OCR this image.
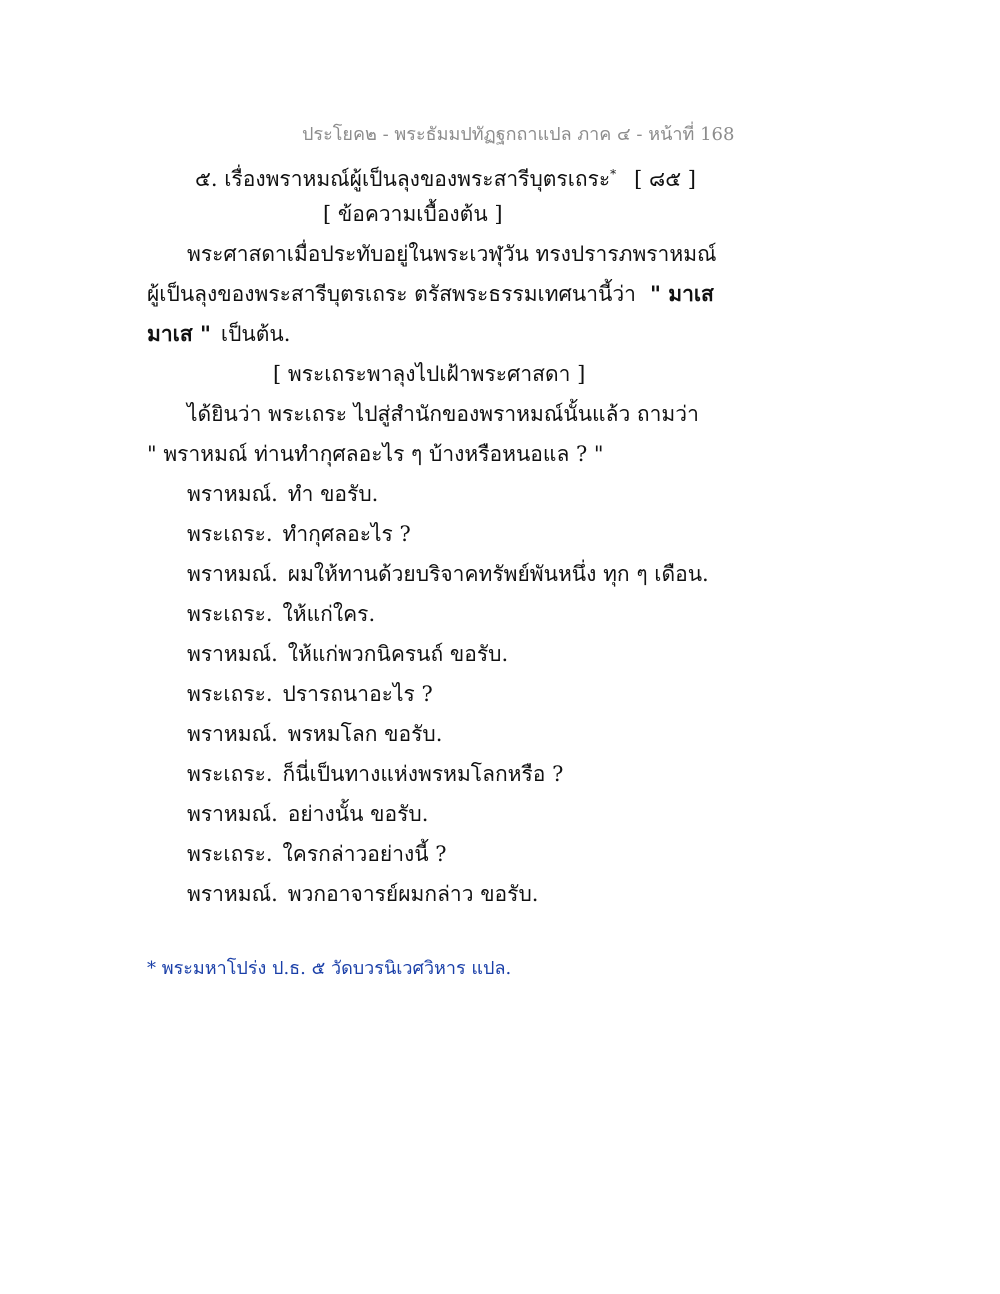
ประโยค๒ - พระธัมมปทัฏฐกถาแปล ภาค ๔ - หน้าที่ 168
๕. เรื่องพราหมณ์ผู้เป็นลุงของพระสารีบุตรเถระ* [ ๘๕ ]
[ ข้อความเบื้องต้น ]
พระศาสดาเมื่อประทับอยู่ในพระเวฬุวัน ทรงปรารภพราหมณ์
ผู้เป็นลุงของพระสารีบุตรเถระ ตรัสพระธรรมเทศนานี้ว่า " มาเส
มาเส " เป็นต้น.
[ พระเถระพาลุงไปเฝ้าพระศาสดา ]
ได้ยินว่า พระเถระ ไปสู่สำนักของพราหมณ์นั้นแล้ว ถามว่า
" พราหมณ์ ท่านทำกุศลอะไร ๆ บ้างหรือหนอแล ? "
พราหมณ์. ทำ ขอรับ.
พระเถระ. ทำกุศลอะไร ?
พราหมณ์. ผมให้ทานด้วยบริจาคทรัพย์พันหนึ่ง ทุก ๆ เดือน.
พระเถระ. ให้แก่ใคร.
พราหมณ์. ให้แก่พวกนิครนถ์ ขอรับ.
พระเถระ. ปรารถนาอะไร ?
พราหมณ์. พรหมโลก ขอรับ.
พระเถระ. ก็นี่เป็นทางแห่งพรหมโลกหรือ ?
พราหมณ์. อย่างนั้น ขอรับ.
พระเถระ. ใครกล่าวอย่างนี้ ?
พราหมณ์. พวกอาจารย์ผมกล่าว ขอรับ.
* พระมหาโปร่ง ป.ธ. ๕ วัดบวรนิเวศวิหาร แปล.
